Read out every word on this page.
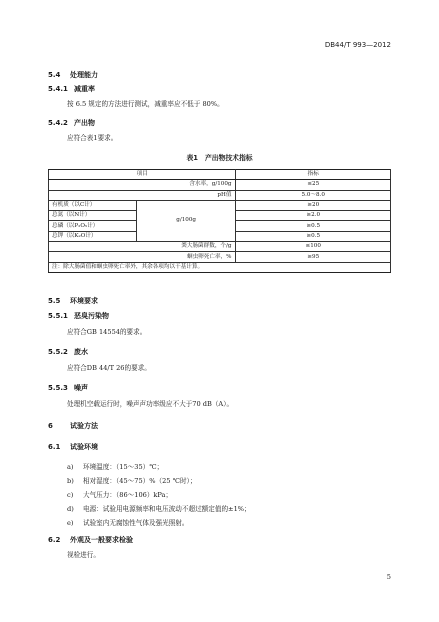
DB44/T 993—2012
5.4 处理能力
5.4.1 减重率
按 6.5 规定的方法进行测试，减重率应不低于 80%。
5.4.2 产出物
应符合表1要求。
表1 产出物技术指标
项目		指标
含水率，g/100g		≤25
pH值		5.0～8.0
有机质（以C计）	g/100g	≥20
总氮（以N计）		≥2.0
总磷（以P₂O₅计）		≥0.5
总钾（以K₂O计）		≥0.5
粪大肠菌群数，个/g		≤100
蛔虫卵死亡率，%		≥95
注：除大肠菌值和蛔虫卵死亡率外，其余各项均以干基计算。		
5.5 环境要求
5.5.1 恶臭污染物
应符合GB 14554的要求。
5.5.2 废水
应符合DB 44/T 26的要求。
5.5.3 噪声
处理机空载运行时，噪声声功率级应不大于70 dB（A）。
6 试验方法
6.1 试验环境
a) 环境温度：（15～35）℃；
b) 相对湿度：（45～75）%（25 ℃时）；
c) 大气压力：（86～106）kPa；
d) 电源：试验用电源频率和电压波动不超过额定值的±1%；
e) 试验室内无腐蚀性气体及强光照射。
6.2 外观及一般要求检验
视检进行。
5
